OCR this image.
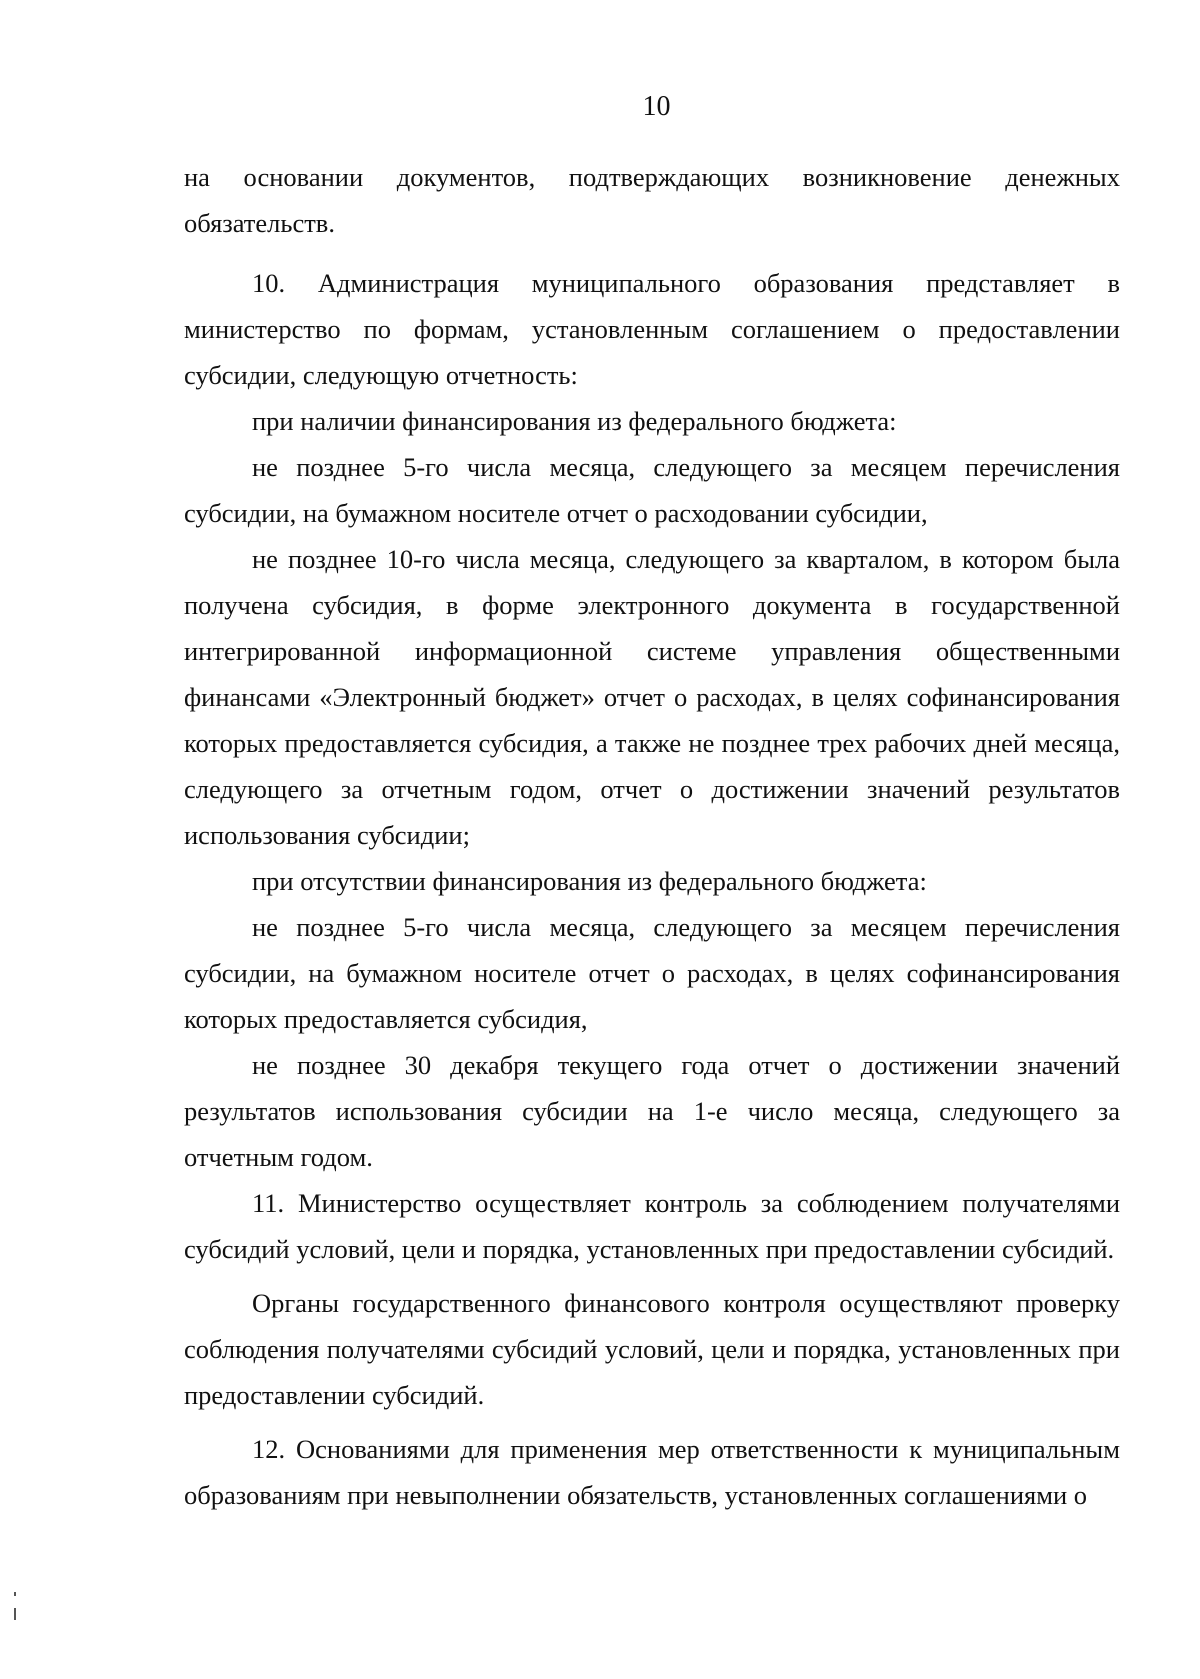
10

на основании документов, подтверждающих возникновение денежных обязательств.

10. Администрация муниципального образования представляет в министерство по формам, установленным соглашением о предоставлении субсидии, следующую отчетность:

при наличии финансирования из федерального бюджета:

не позднее 5-го числа месяца, следующего за месяцем перечисления субсидии, на бумажном носителе отчет о расходовании субсидии,

не позднее 10-го числа месяца, следующего за кварталом, в котором была получена субсидия, в форме электронного документа в государственной интегрированной информационной системе управления общественными финансами «Электронный бюджет» отчет о расходах, в целях софинансирования которых предоставляется субсидия, а также не позднее трех рабочих дней месяца, следующего за отчетным годом, отчет о достижении значений результатов использования субсидии;

при отсутствии финансирования из федерального бюджета:

не позднее 5-го числа месяца, следующего за месяцем перечисления субсидии, на бумажном носителе отчет о расходах, в целях софинансирования которых предоставляется субсидия,

не позднее 30 декабря текущего года отчет о достижении значений результатов использования субсидии на 1-е число месяца, следующего за отчетным годом.

11. Министерство осуществляет контроль за соблюдением получателями субсидий условий, цели и порядка, установленных при предоставлении субсидий.

Органы государственного финансового контроля осуществляют проверку соблюдения получателями субсидий условий, цели и порядка, установленных при предоставлении субсидий.

12. Основаниями для применения мер ответственности к муниципальным образованиям при невыполнении обязательств, установленных соглашениями о
